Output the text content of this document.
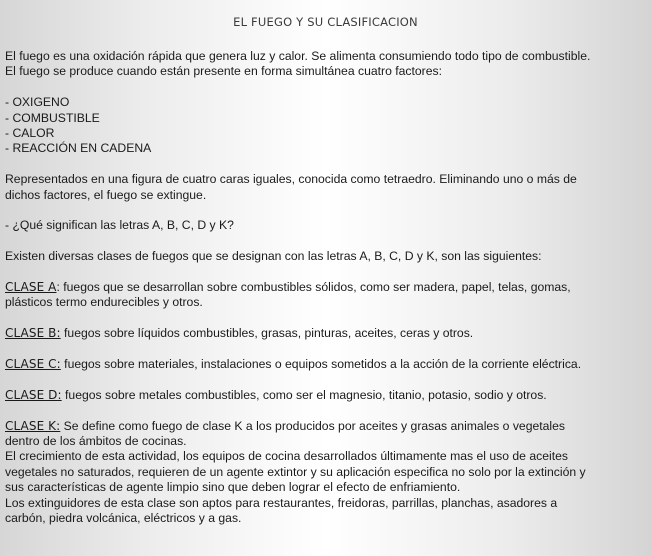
EL FUEGO Y SU CLASIFICACION

El fuego es una oxidación rápida que genera luz y calor. Se alimenta consumiendo todo tipo de combustible.

El fuego se produce cuando están presente en forma simultánea cuatro factores:

- OXIGENO

- COMBUSTIBLE

- CALOR

- REACCIÓN EN CADENA

Representados en una figura de cuatro caras iguales, conocida como tetraedro. Eliminando uno o más de

dichos factores, el fuego se extingue.

- ¿Qué significan las letras A, B, C, D y K?

Existen diversas clases de fuegos que se designan con las letras A, B, C, D y K, son las siguientes:

CLASE A: fuegos que se desarrollan sobre combustibles sólidos, como ser madera, papel, telas, gomas,

plásticos termo endurecibles y otros.

CLASE B: fuegos sobre líquidos combustibles, grasas, pinturas, aceites, ceras y otros.

CLASE C: fuegos sobre materiales, instalaciones o equipos sometidos a la acción de la corriente eléctrica.

CLASE D: fuegos sobre metales combustibles, como ser el magnesio, titanio, potasio, sodio y otros.

CLASE K: Se define como fuego de clase K a los producidos por aceites y grasas animales o vegetales

dentro de los ámbitos de cocinas.

El crecimiento de esta actividad, los equipos de cocina desarrollados últimamente mas el uso de aceites

vegetales no saturados, requieren de un agente extintor y su aplicación especifica no solo por la extinción y

sus características de agente limpio sino que deben lograr el efecto de enfriamiento.

Los extinguidores de esta clase son aptos para restaurantes, freidoras, parrillas, planchas, asadores a

carbón, piedra volcánica, eléctricos y a gas.
